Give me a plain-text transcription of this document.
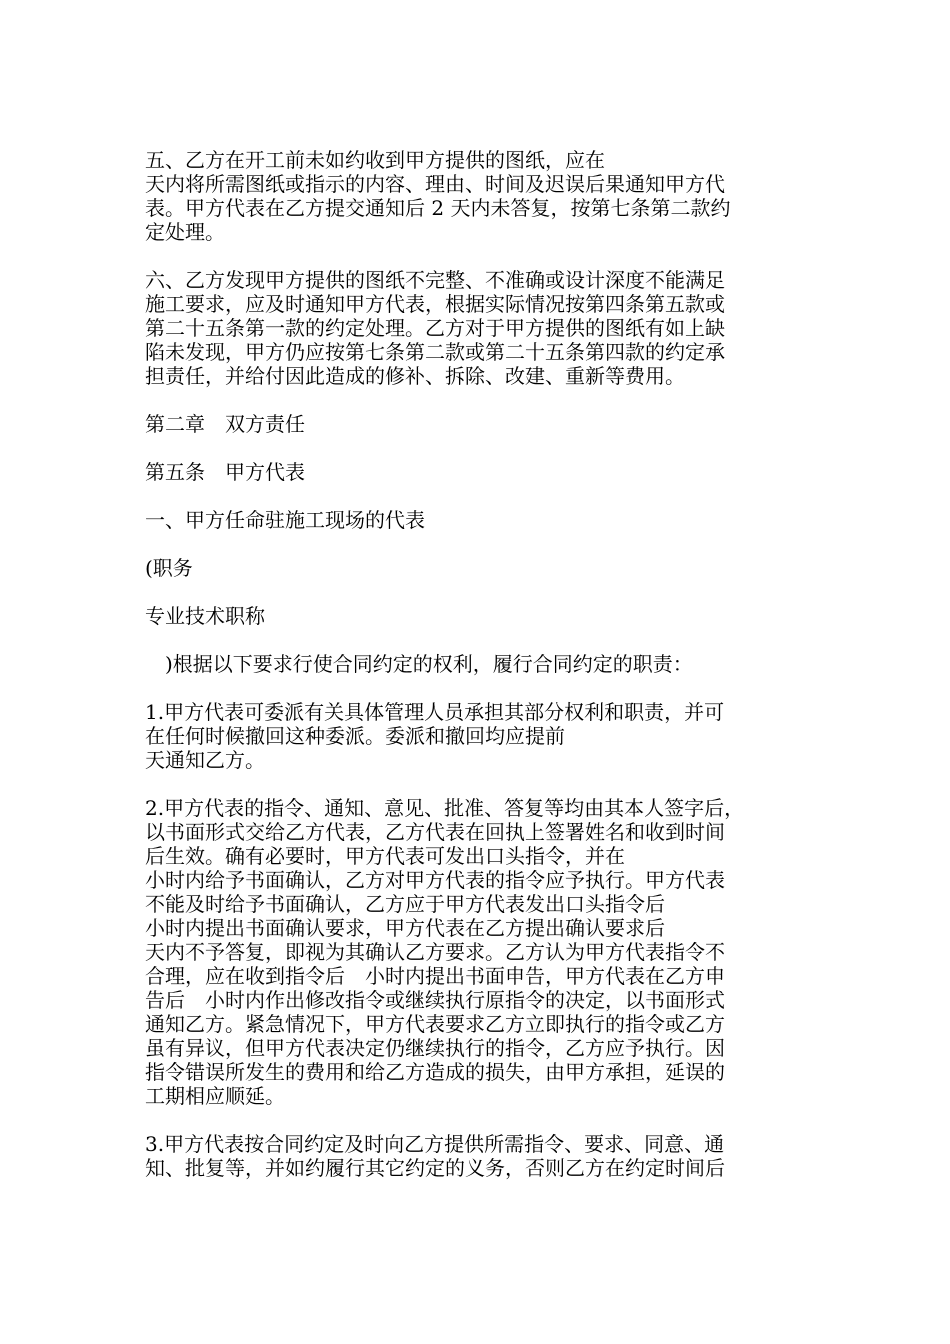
五、乙方在开工前未如约收到甲方提供的图纸，应在
天内将所需图纸或指示的内容、理由、时间及迟误后果通知甲方代
表。甲方代表在乙方提交通知后 2 天内未答复，按第七条第二款约
定处理。
六、乙方发现甲方提供的图纸不完整、不准确或设计深度不能满足
施工要求，应及时通知甲方代表，根据实际情况按第四条第五款或
第二十五条第一款的约定处理。乙方对于甲方提供的图纸有如上缺
陷未发现，甲方仍应按第七条第二款或第二十五条第四款的约定承
担责任，并给付因此造成的修补、拆除、改建、重新等费用。
第二章　双方责任
第五条　甲方代表
一、甲方任命驻施工现场的代表
(职务
专业技术职称
　)根据以下要求行使合同约定的权利，履行合同约定的职责：
1.甲方代表可委派有关具体管理人员承担其部分权利和职责，并可
在任何时候撤回这种委派。委派和撤回均应提前
天通知乙方。
2.甲方代表的指令、通知、意见、批准、答复等均由其本人签字后，
以书面形式交给乙方代表，乙方代表在回执上签署姓名和收到时间
后生效。确有必要时，甲方代表可发出口头指令，并在
小时内给予书面确认，乙方对甲方代表的指令应予执行。甲方代表
不能及时给予书面确认，乙方应于甲方代表发出口头指令后
小时内提出书面确认要求，甲方代表在乙方提出确认要求后
天内不予答复，即视为其确认乙方要求。乙方认为甲方代表指令不
合理，应在收到指令后　小时内提出书面申告，甲方代表在乙方申
告后　小时内作出修改指令或继续执行原指令的决定，以书面形式
通知乙方。紧急情况下，甲方代表要求乙方立即执行的指令或乙方
虽有异议，但甲方代表决定仍继续执行的指令，乙方应予执行。因
指令错误所发生的费用和给乙方造成的损失，由甲方承担，延误的
工期相应顺延。
3.甲方代表按合同约定及时向乙方提供所需指令、要求、同意、通
知、批复等，并如约履行其它约定的义务，否则乙方在约定时间后
